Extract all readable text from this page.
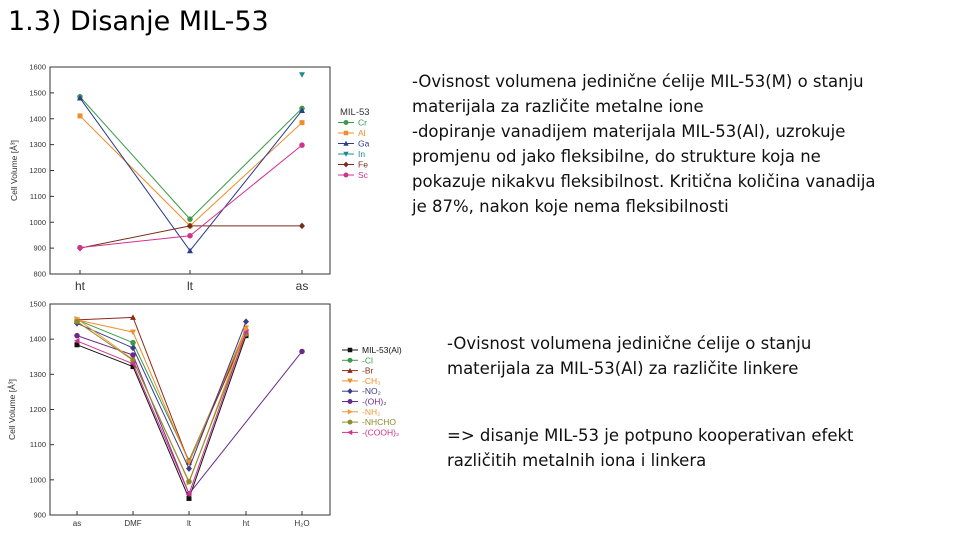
1.3) Disanje MIL-53
800
900
1000
1100
1200
1300
1400
1500
1600
Cell Volume [Å³]
ht	lt	as
Cr
Al
Ga
In
Fe
Sc
MIL-53
900
1000
1100
1200
1300
1400
1500
Cell Volume [Å³]
as	DMF	lt	ht	H₂O
MIL-53(Al)
-Cl
-Br
-CH₃
-NO₂
-(OH)₂
-NH₂
-NHCHO
-(COOH)₂
-Ovisnost volumena jedinične ćelije MIL-53(M) o stanju
materijala za različite metalne ione
-dopiranje vanadijem materijala MIL-53(Al), uzrokuje
promjenu od jako fleksibilne, do strukture koja ne
pokazuje nikakvu fleksibilnost. Kritična količina vanadija
je 87%, nakon koje nema fleksibilnosti
-Ovisnost volumena jedinične ćelije o stanju
materijala za MIL-53(Al) za različite linkere
=> disanje MIL-53 je potpuno kooperativan efekt
različitih metalnih iona i linkera
